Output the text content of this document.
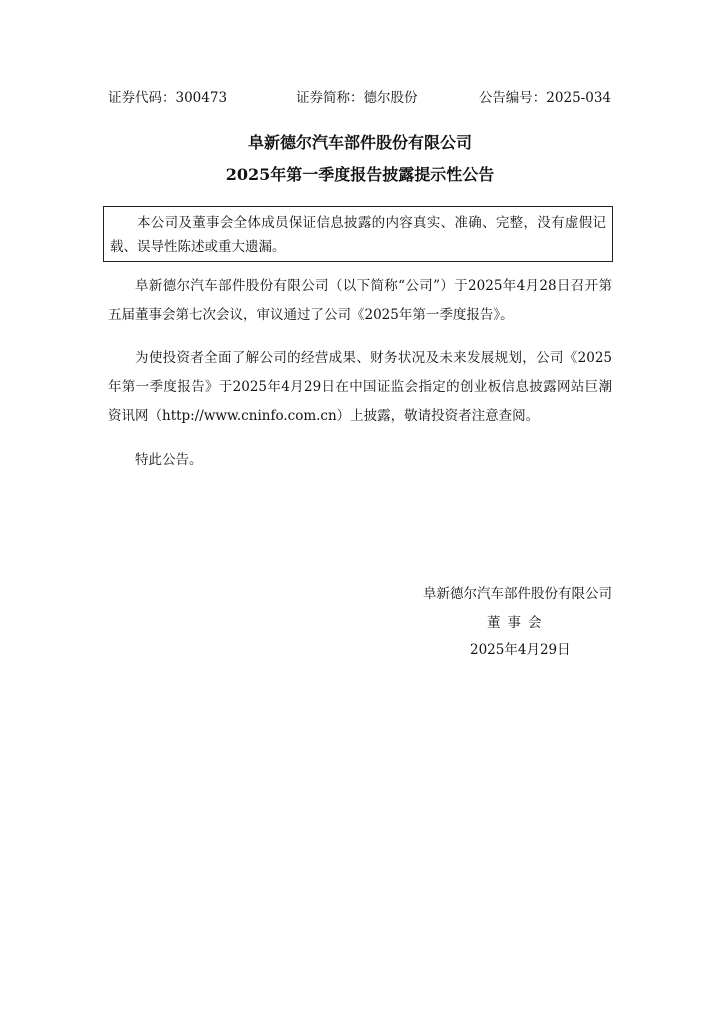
证券代码：300473	证券简称：德尔股份	公告编号：2025-034
阜新德尔汽车部件股份有限公司
2025年第一季度报告披露提示性公告
本公司及董事会全体成员保证信息披露的内容真实、准确、完整，没有虚假记载、误导性陈述或重大遗漏。
阜新德尔汽车部件股份有限公司（以下简称“公司”）于2025年4月28日召开第五届董事会第七次会议，审议通过了公司《2025年第一季度报告》。
为使投资者全面了解公司的经营成果、财务状况及未来发展规划，公司《2025年第一季度报告》于2025年4月29日在中国证监会指定的创业板信息披露网站巨潮资讯网（http://www.cninfo.com.cn）上披露，敬请投资者注意查阅。
特此公告。
阜新德尔汽车部件股份有限公司
董事会
2025年4月29日
